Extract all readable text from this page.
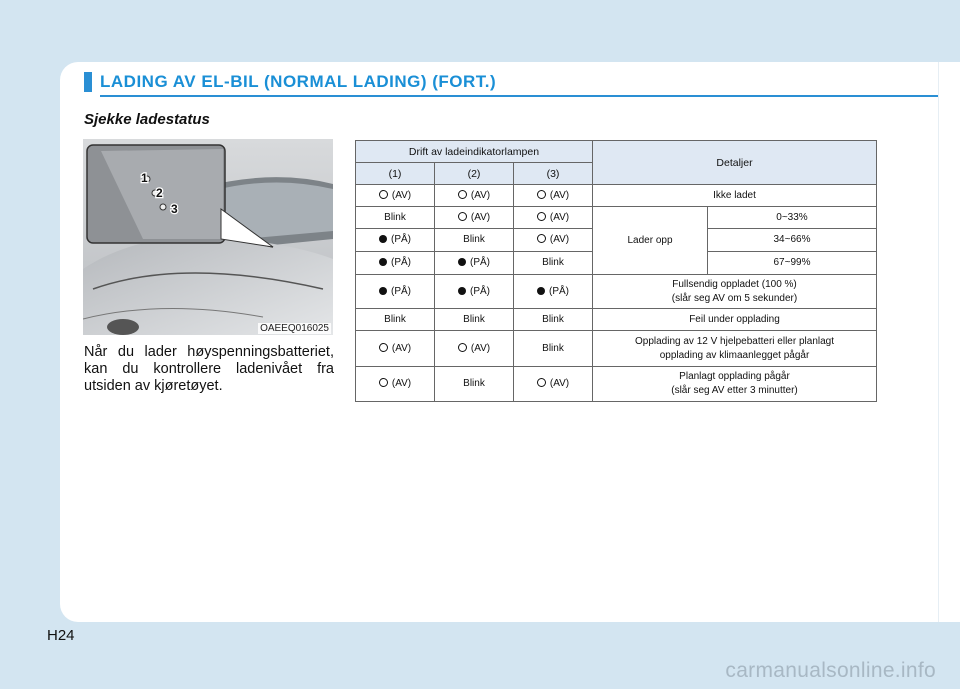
LADING AV EL-BIL (NORMAL LADING) (FORT.)
Sjekke ladestatus
1
2
3
OAEEQ016025
Når du lader høyspenningsbatteriet,
kan du kontrollere ladenivået fra
utsiden av kjøretøyet.
Drift av ladeindikatorlampen			Detaljer	
(1)	(2)	(3)		
(AV)	(AV)	(AV)	Ikke ladet	
Blink	(AV)	(AV)	Lader opp	0~33%
(PÅ)	Blink	(AV)		34~66%
(PÅ)	(PÅ)	Blink		67~99%
(PÅ)	(PÅ)	(PÅ)	Fullsendig oppladet (100 %)
(slår seg AV om 5 sekunder)	

Blink	Blink	Blink	Feil under opplading	
(AV)	(AV)	Blink	Opplading av 12 V hjelpebatteri eller planlagt
opplading av klimaanlegget pågår	

(AV)	Blink	(AV)	Planlagt opplading pågår
(slår seg AV etter 3 minutter)	
H24
carmanualsonline.info
